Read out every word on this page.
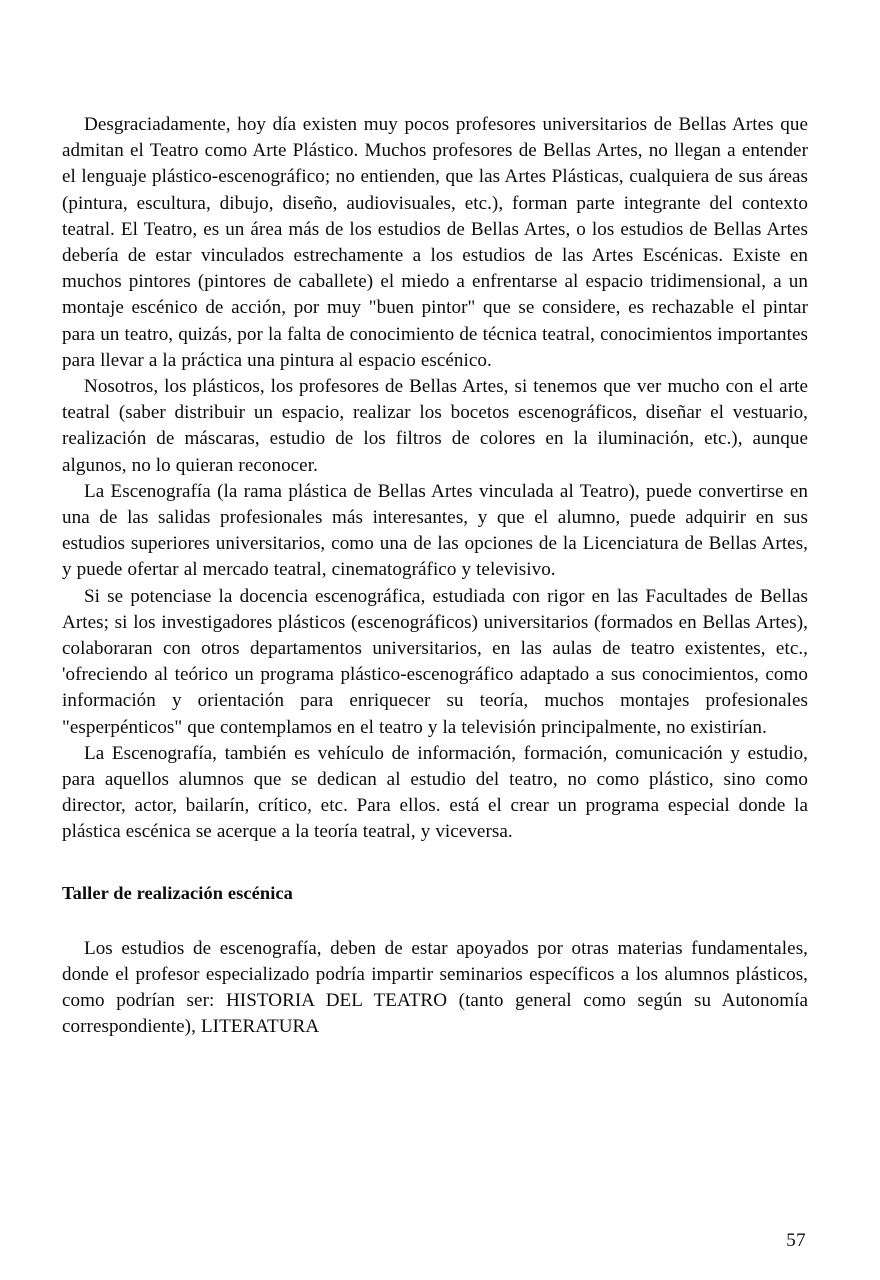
Desgraciadamente, hoy día existen muy pocos profesores universitarios de Bellas Artes que admitan el Teatro como Arte Plástico. Muchos profesores de Bellas Artes, no llegan a entender el lenguaje plástico-escenográfico; no entienden, que las Artes Plásticas, cualquiera de sus áreas (pintura, escultura, dibujo, diseño, audiovisuales, etc.), forman parte integrante del contexto teatral. El Teatro, es un área más de los estudios de Bellas Artes, o los estudios de Bellas Artes debería de estar vinculados estrechamente a los estudios de las Artes Escénicas. Existe en muchos pintores (pintores de caballete) el miedo a enfrentarse al espacio tridimensional, a un montaje escénico de acción, por muy "buen pintor" que se considere, es rechazable el pintar para un teatro, quizás, por la falta de conocimiento de técnica teatral, conocimientos importantes para llevar a la práctica una pintura al espacio escénico.

Nosotros, los plásticos, los profesores de Bellas Artes, si tenemos que ver mucho con el arte teatral (saber distribuir un espacio, realizar los bocetos escenográficos, diseñar el vestuario, realización de máscaras, estudio de los filtros de colores en la iluminación, etc.), aunque algunos, no lo quieran reconocer.

La Escenografía (la rama plástica de Bellas Artes vinculada al Teatro), puede convertirse en una de las salidas profesionales más interesantes, y que el alumno, puede adquirir en sus estudios superiores universitarios, como una de las opciones de la Licenciatura de Bellas Artes, y puede ofertar al mercado teatral, cinematográfico y televisivo.

Si se potenciase la docencia escenográfica, estudiada con rigor en las Facultades de Bellas Artes; si los investigadores plásticos (escenográficos) universitarios (formados en Bellas Artes), colaboraran con otros departamentos universitarios, en las aulas de teatro existentes, etc., 'ofreciendo al teórico un programa plástico-escenográfico adaptado a sus conocimientos, como información y orientación para enriquecer su teoría, muchos montajes profesionales "esperpénticos" que contemplamos en el teatro y la televisión principalmente, no existirían.

La Escenografía, también es vehículo de información, formación, comunicación y estudio, para aquellos alumnos que se dedican al estudio del teatro, no como plástico, sino como director, actor, bailarín, crítico, etc. Para ellos. está el crear un programa especial donde la plástica escénica se acerque a la teoría teatral, y viceversa.

Taller de realización escénica

Los estudios de escenografía, deben de estar apoyados por otras materias fundamentales, donde el profesor especializado podría impartir seminarios específicos a los alumnos plásticos, como podrían ser: HISTORIA DEL TEATRO (tanto general como según su Autonomía correspondiente), LITERATURA

57
